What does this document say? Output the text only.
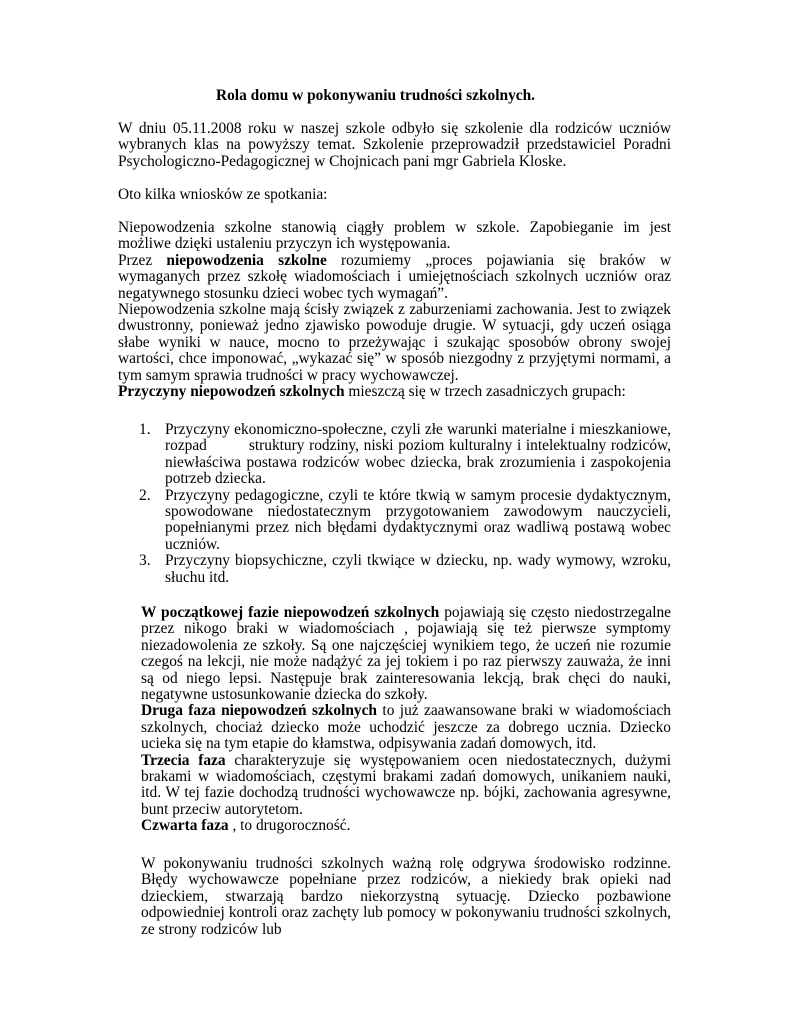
Rola domu w pokonywaniu trudności szkolnych.

W dniu 05.11.2008 roku w naszej szkole odbyło się szkolenie dla rodziców uczniów wybranych klas na powyższy temat. Szkolenie przeprowadził przedstawiciel Poradni Psychologiczno-Pedagogicznej w Chojnicach pani mgr Gabriela Kloske.

Oto kilka wniosków ze spotkania:

Niepowodzenia szkolne stanowią ciągły problem w szkole. Zapobieganie im jest możliwe dzięki ustaleniu przyczyn ich występowania.

Przez niepowodzenia szkolne rozumiemy „proces pojawiania się braków w wymaganych przez szkołę wiadomościach i umiejętnościach szkolnych uczniów oraz negatywnego stosunku dzieci wobec tych wymagań”.

Niepowodzenia szkolne mają ścisły związek z zaburzeniami zachowania. Jest to związek dwustronny, ponieważ jedno zjawisko powoduje drugie. W sytuacji, gdy uczeń osiąga słabe wyniki w nauce, mocno to przeżywając i szukając sposobów obrony swojej wartości, chce imponować, „wykazać się” w sposób niezgodny z przyjętymi normami, a tym samym sprawia trudności w pracy wychowawczej.

Przyczyny niepowodzeń szkolnych mieszczą się w trzech zasadniczych grupach:

1. Przyczyny ekonomiczno-społeczne, czyli złe warunki materialne i mieszkaniowe, rozpad	struktury rodziny, niski poziom kulturalny i intelektualny rodziców, niewłaściwa postawa rodziców wobec dziecka, brak zrozumienia i zaspokojenia potrzeb dziecka.
2. Przyczyny pedagogiczne, czyli te które tkwią w samym procesie dydaktycznym, spowodowane niedostatecznym przygotowaniem zawodowym nauczycieli, popełnianymi przez nich błędami dydaktycznymi oraz wadliwą postawą wobec uczniów.
3. Przyczyny biopsychiczne, czyli tkwiące w dziecku, np. wady wymowy, wzroku, słuchu itd.

W początkowej fazie niepowodzeń szkolnych pojawiają się często niedostrzegalne przez nikogo braki w wiadomościach , pojawiają się też pierwsze symptomy niezadowolenia ze szkoły. Są one najczęściej wynikiem tego, że uczeń nie rozumie czegoś na lekcji, nie może nadążyć za jej tokiem i po raz pierwszy zauważa, że inni są od niego lepsi. Następuje brak zainteresowania lekcją, brak chęci do nauki, negatywne ustosunkowanie dziecka do szkoły.

Druga faza niepowodzeń szkolnych to już zaawansowane braki w wiadomościach szkolnych, chociaż dziecko może uchodzić jeszcze za dobrego ucznia. Dziecko ucieka się na tym etapie do kłamstwa, odpisywania zadań domowych, itd.

Trzecia faza charakteryzuje się występowaniem ocen niedostatecznych, dużymi brakami w wiadomościach, częstymi brakami zadań domowych, unikaniem nauki, itd. W tej fazie dochodzą trudności wychowawcze np. bójki, zachowania agresywne, bunt przeciw autorytetom.

Czwarta faza , to drugoroczność.

W pokonywaniu trudności szkolnych ważną rolę odgrywa środowisko rodzinne. Błędy wychowawcze popełniane przez rodziców, a niekiedy brak opieki nad dzieckiem, stwarzają bardzo niekorzystną sytuację. Dziecko pozbawione odpowiedniej kontroli oraz zachęty lub pomocy w pokonywaniu trudności szkolnych, ze strony rodziców lub
